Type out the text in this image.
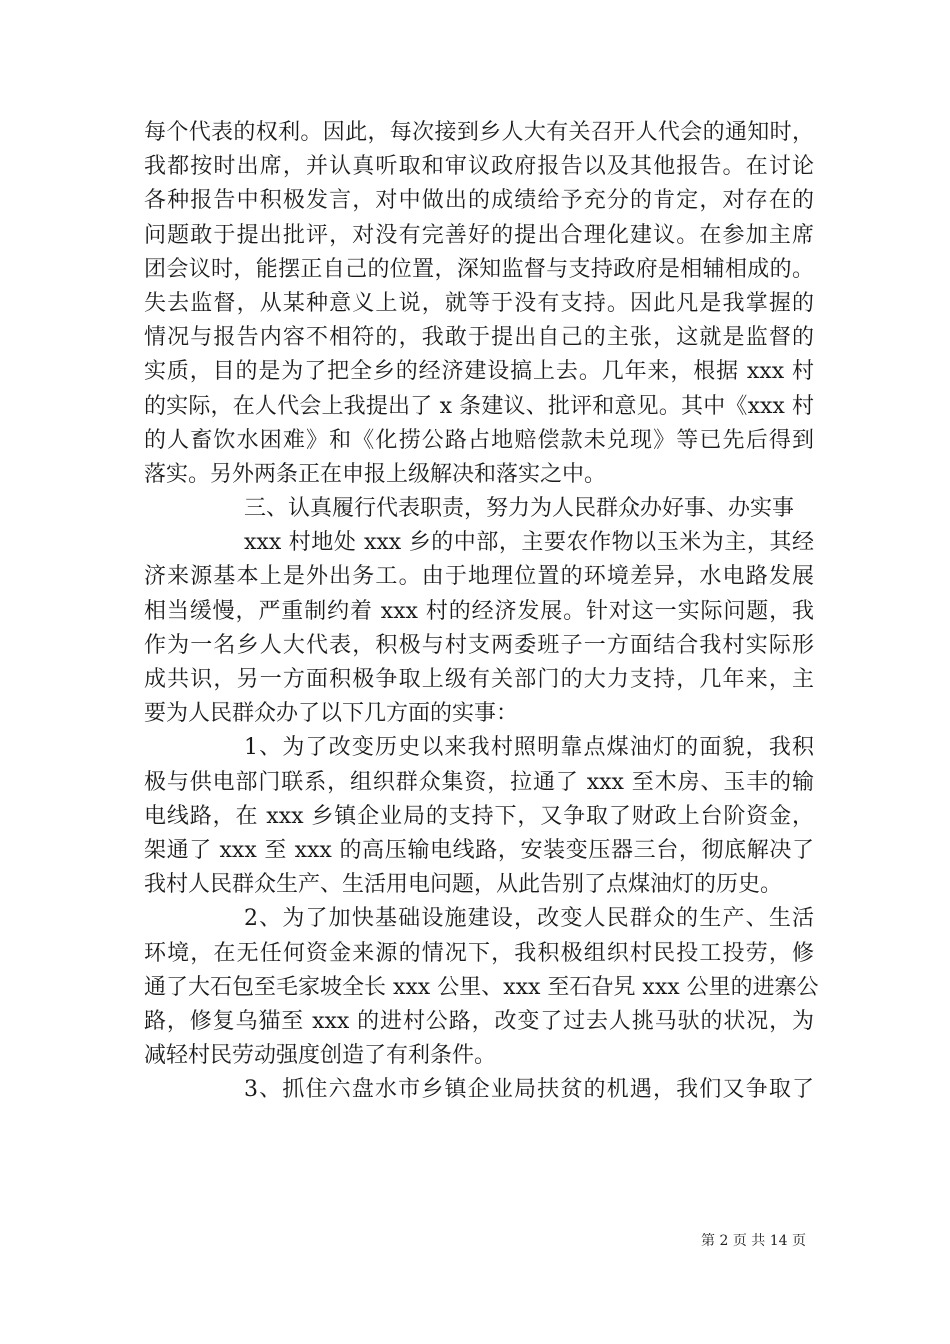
每个代表的权利。因此，每次接到乡人大有关召开人代会的通知时，
我都按时出席，并认真听取和审议政府报告以及其他报告。在讨论
各种报告中积极发言，对中做出的成绩给予充分的肯定，对存在的
问题敢于提出批评，对没有完善好的提出合理化建议。在参加主席
团会议时，能摆正自己的位置，深知监督与支持政府是相辅相成的。
失去监督，从某种意义上说，就等于没有支持。因此凡是我掌握的
情况与报告内容不相符的，我敢于提出自己的主张，这就是监督的
实质，目的是为了把全乡的经济建设搞上去。几年来，根据 xxx 村
的实际，在人代会上我提出了 x 条建议、批评和意见。其中《xxx 村
的人畜饮水困难》和《化捞公路占地赔偿款未兑现》等已先后得到
落实。另外两条正在申报上级解决和落实之中。
三、认真履行代表职责，努力为人民群众办好事、办实事
xxx 村地处 xxx 乡的中部，主要农作物以玉米为主，其经
济来源基本上是外出务工。由于地理位置的环境差异，水电路发展
相当缓慢，严重制约着 xxx 村的经济发展。针对这一实际问题，我
作为一名乡人大代表，积极与村支两委班子一方面结合我村实际形
成共识，另一方面积极争取上级有关部门的大力支持，几年来，主
要为人民群众办了以下几方面的实事：
1、为了改变历史以来我村照明靠点煤油灯的面貌，我积
极与供电部门联系，组织群众集资，拉通了 xxx 至木房、玉丰的输
电线路，在 xxx 乡镇企业局的支持下，又争取了财政上台阶资金，
架通了 xxx 至 xxx 的高压输电线路，安装变压器三台，彻底解决了
我村人民群众生产、生活用电问题，从此告别了点煤油灯的历史。
2、为了加快基础设施建设，改变人民群众的生产、生活
环境，在无任何资金来源的情况下，我积极组织村民投工投劳，修
通了大石包至毛家坡全长 xxx 公里、xxx 至石旮旯 xxx 公里的进寨公
路，修复乌猫至 xxx 的进村公路，改变了过去人挑马驮的状况，为
减轻村民劳动强度创造了有利条件。
3、抓住六盘水市乡镇企业局扶贫的机遇，我们又争取了
第 2 页 共 14 页
